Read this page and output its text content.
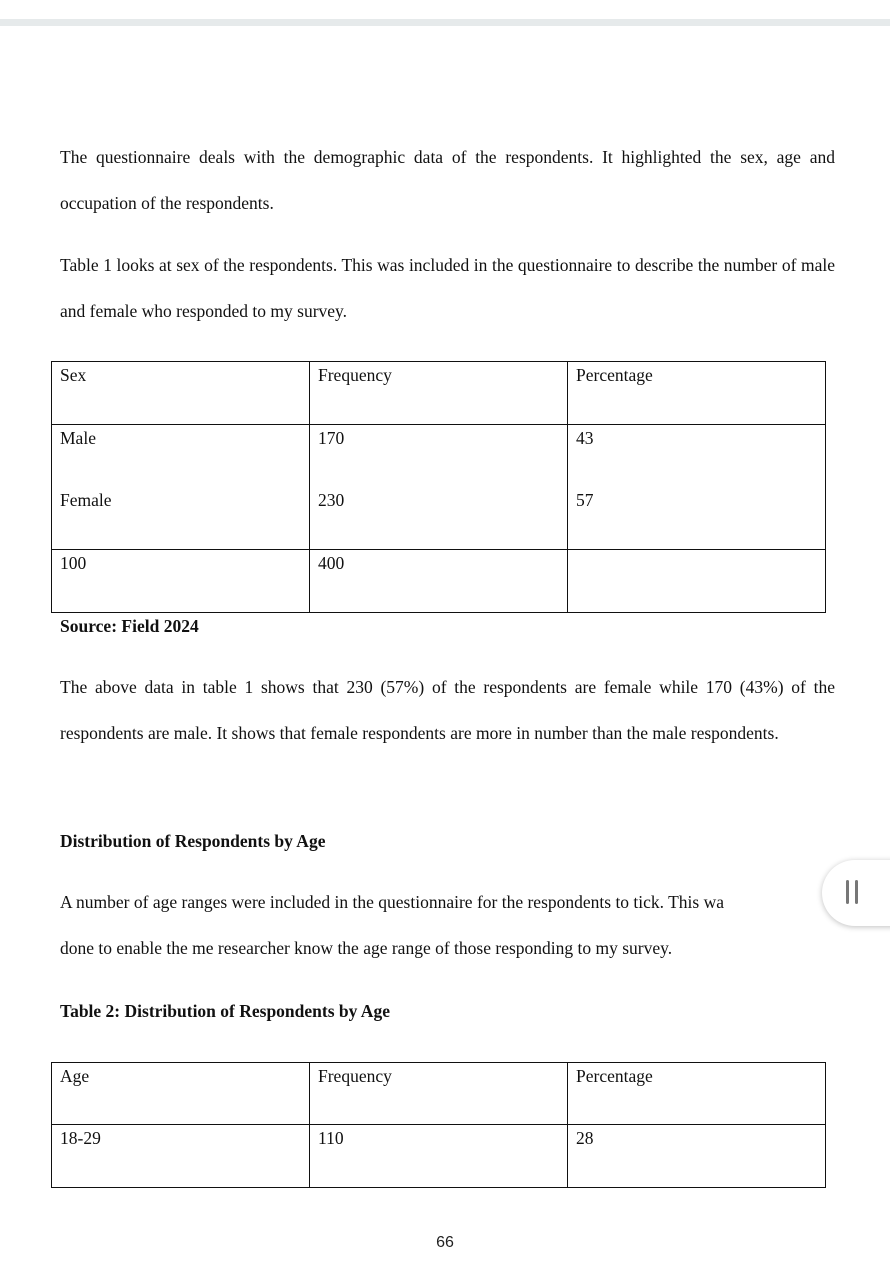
The questionnaire deals with the demographic data of the respondents. It highlighted the sex, age and occupation of the respondents.

Table 1 looks at sex of the respondents. This was included in the questionnaire to describe the number of male and female who responded to my survey.

Sex	Frequency	Percentage
Male	170	43
Female	230	57
100	400	

Source: Field 2024

The above data in table 1 shows that 230 (57%) of the respondents are female while 170 (43%) of the respondents are male. It shows that female respondents are more in number than the male respondents.

Distribution of Respondents by Age

A number of age ranges were included in the questionnaire for the respondents to tick. This wa

done to enable the me researcher know the age range of those responding to my survey.

Table 2: Distribution of Respondents by Age

Age	Frequency	Percentage
18-29	110	28
66
